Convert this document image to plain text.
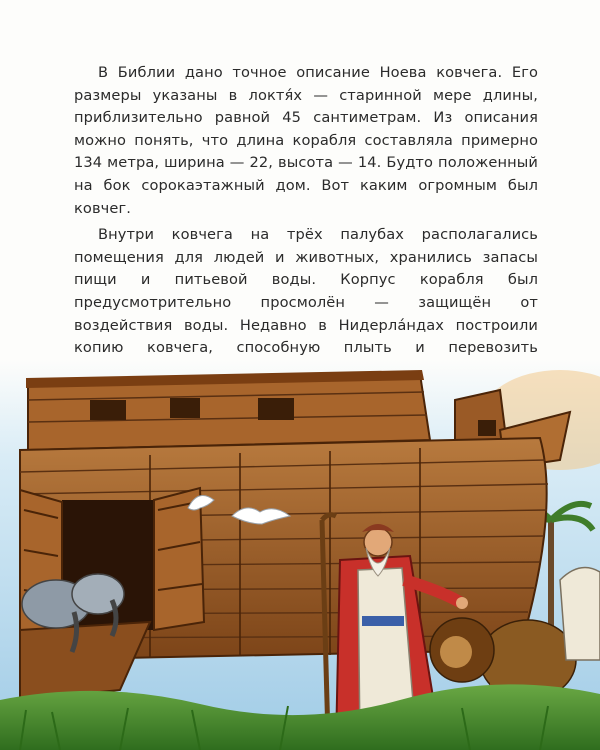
В Библии дано точное описание Ноева ковчега. Его размеры указаны в локтя́х — старинной мере длины, приблизительно равной 45 сантиметрам. Из описания можно понять, что длина корабля составляла примерно 134 метра, ширина — 22, высота — 14. Будто положенный на бок сорокаэтажный дом. Вот каким огромным был ковчег.

Внутри ковчега на трёх палубах располагались помещения для людей и животных, хранились запасы пищи и питьевой воды. Корпус корабля был предусмотрительно просмолён — защищён от воздействия воды. Недавно в Нидерла́ндах построили копию ковчега, способную плыть и перевозить
